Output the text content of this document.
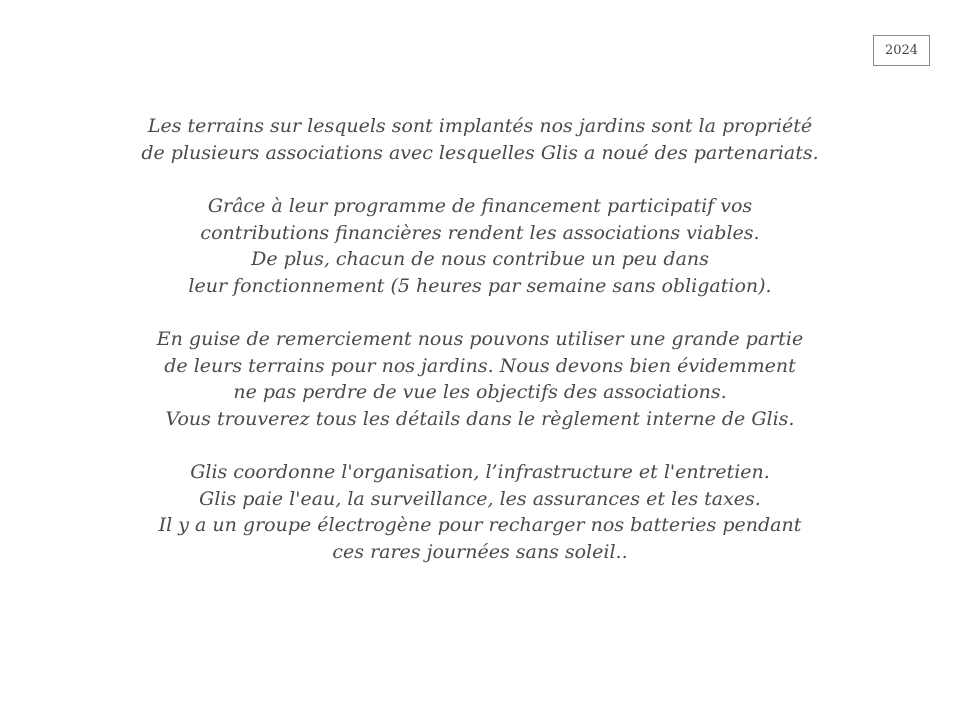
2024

Les terrains sur lesquels sont implantés nos jardins sont la propriété
de plusieurs associations avec lesquelles Glis a noué des partenariats.

Grâce à leur programme de financement participatif vos
contributions financières rendent les associations viables.
De plus, chacun de nous contribue un peu dans
leur fonctionnement (5 heures par semaine sans obligation).

En guise de remerciement nous pouvons utiliser une grande partie
de leurs terrains pour nos jardins. Nous devons bien évidemment
ne pas perdre de vue les objectifs des associations.
Vous trouverez tous les détails dans le règlement interne de Glis.

Glis coordonne l'organisation, l’infrastructure et l'entretien.
Glis paie l'eau, la surveillance, les assurances et les taxes.
Il y a un groupe électrogène pour recharger nos batteries pendant
ces rares journées sans soleil..
